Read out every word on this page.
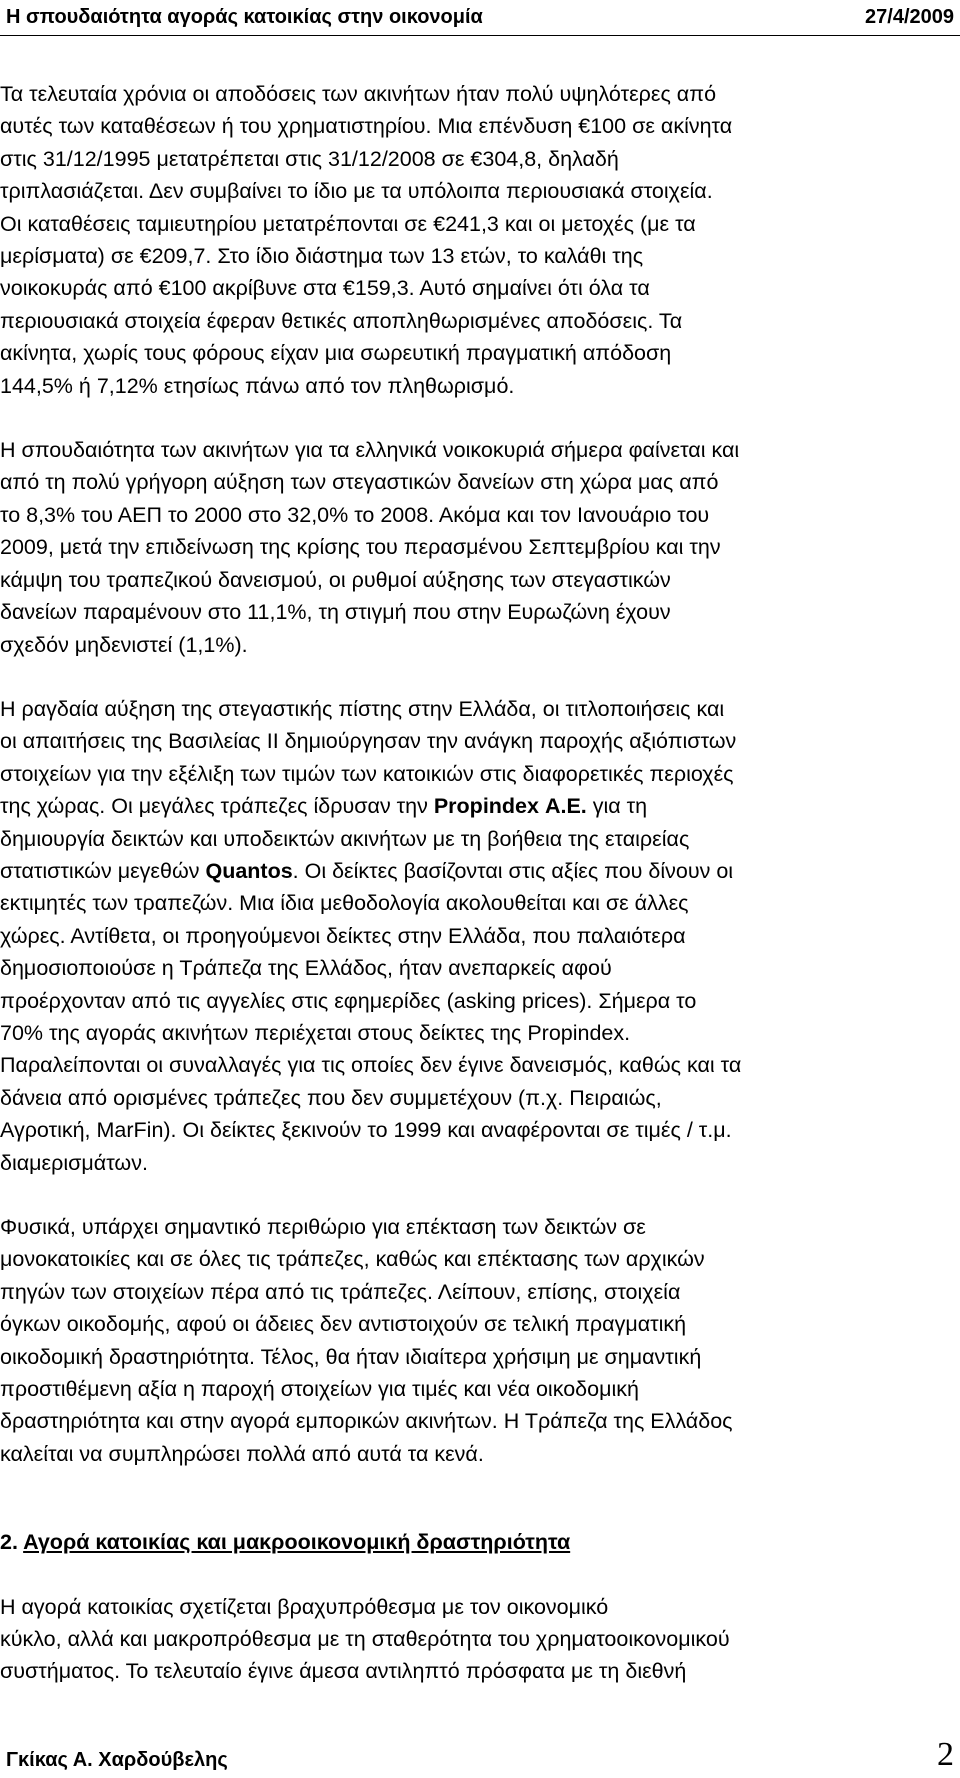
Η σπουδαιότητα αγοράς κατοικίας στην οικονομία	27/4/2009

Τα τελευταία χρόνια οι αποδόσεις των ακινήτων ήταν πολύ υψηλότερες από

αυτές των καταθέσεων ή του χρηματιστηρίου. Μια επένδυση €100 σε ακίνητα

στις 31/12/1995 μετατρέπεται στις 31/12/2008 σε €304,8, δηλαδή

τριπλασιάζεται. Δεν συμβαίνει το ίδιο με τα υπόλοιπα περιουσιακά στοιχεία.

Οι καταθέσεις ταμιευτηρίου μετατρέπονται σε €241,3 και οι μετοχές (με τα

μερίσματα) σε €209,7. Στο ίδιο διάστημα των 13 ετών, το καλάθι της

νοικοκυράς από €100 ακρίβυνε στα €159,3. Αυτό σημαίνει ότι όλα τα

περιουσιακά στοιχεία έφεραν θετικές αποπληθωρισμένες αποδόσεις. Τα

ακίνητα, χωρίς τους φόρους είχαν μια σωρευτική πραγματική απόδοση

144,5% ή 7,12% ετησίως πάνω από τον πληθωρισμό.

Η σπουδαιότητα των ακινήτων για τα ελληνικά νοικοκυριά σήμερα φαίνεται και

από τη πολύ γρήγορη αύξηση των στεγαστικών δανείων στη χώρα μας από

το 8,3% του ΑΕΠ το 2000 στο 32,0% το 2008. Ακόμα και τον Ιανουάριο του

2009, μετά την επιδείνωση της κρίσης του περασμένου Σεπτεμβρίου και την

κάμψη του τραπεζικού δανεισμού, οι ρυθμοί αύξησης των στεγαστικών

δανείων παραμένουν στο 11,1%, τη στιγμή που στην Ευρωζώνη έχουν

σχεδόν μηδενιστεί (1,1%).

Η ραγδαία αύξηση της στεγαστικής πίστης στην Ελλάδα, οι τιτλοποιήσεις και

οι απαιτήσεις της Βασιλείας ΙΙ δημιούργησαν την ανάγκη παροχής αξιόπιστων

στοιχείων για την εξέλιξη των τιμών των κατοικιών στις διαφορετικές περιοχές

της χώρας. Οι μεγάλες τράπεζες ίδρυσαν την Propindex Α.Ε. για τη

δημιουργία δεικτών και υποδεικτών ακινήτων με τη βοήθεια της εταιρείας

στατιστικών μεγεθών Quantos. Οι δείκτες βασίζονται στις αξίες που δίνουν οι

εκτιμητές των τραπεζών. Μια ίδια μεθοδολογία ακολουθείται και σε άλλες

χώρες. Αντίθετα, οι προηγούμενοι δείκτες στην Ελλάδα, που παλαιότερα

δημοσιοποιούσε η Τράπεζα της Ελλάδος, ήταν ανεπαρκείς αφού

προέρχονταν από τις αγγελίες στις εφημερίδες (asking prices). Σήμερα το

70% της αγοράς ακινήτων περιέχεται στους δείκτες της Propindex.

Παραλείπονται οι συναλλαγές για τις οποίες δεν έγινε δανεισμός, καθώς και τα

δάνεια από ορισμένες τράπεζες που δεν συμμετέχουν (π.χ. Πειραιώς,

Αγροτική, MarFin). Οι δείκτες ξεκινούν το 1999 και αναφέρονται σε τιμές / τ.μ.

διαμερισμάτων.

Φυσικά, υπάρχει σημαντικό περιθώριο για επέκταση των δεικτών σε

μονοκατοικίες και σε όλες τις τράπεζες, καθώς και επέκτασης των αρχικών

πηγών των στοιχείων πέρα από τις τράπεζες. Λείπουν, επίσης, στοιχεία

όγκων οικοδομής, αφού οι άδειες δεν αντιστοιχούν σε τελική πραγματική

οικοδομική δραστηριότητα. Τέλος, θα ήταν ιδιαίτερα χρήσιμη με σημαντική

προστιθέμενη αξία η παροχή στοιχείων για τιμές και νέα οικοδομική

δραστηριότητα και στην αγορά εμπορικών ακινήτων. Η Τράπεζα της Ελλάδος

καλείται να συμπληρώσει πολλά από αυτά τα κενά.

2. Αγορά κατοικίας και μακροοικονομική δραστηριότητα

Η αγορά κατοικίας σχετίζεται βραχυπρόθεσμα με τον οικονομικό

κύκλο, αλλά και μακροπρόθεσμα με τη σταθερότητα του χρηματοοικονομικού

συστήματος. Το τελευταίο έγινε άμεσα αντιληπτό πρόσφατα με τη διεθνή

Γκίκας Α. Χαρδούβελης	2
